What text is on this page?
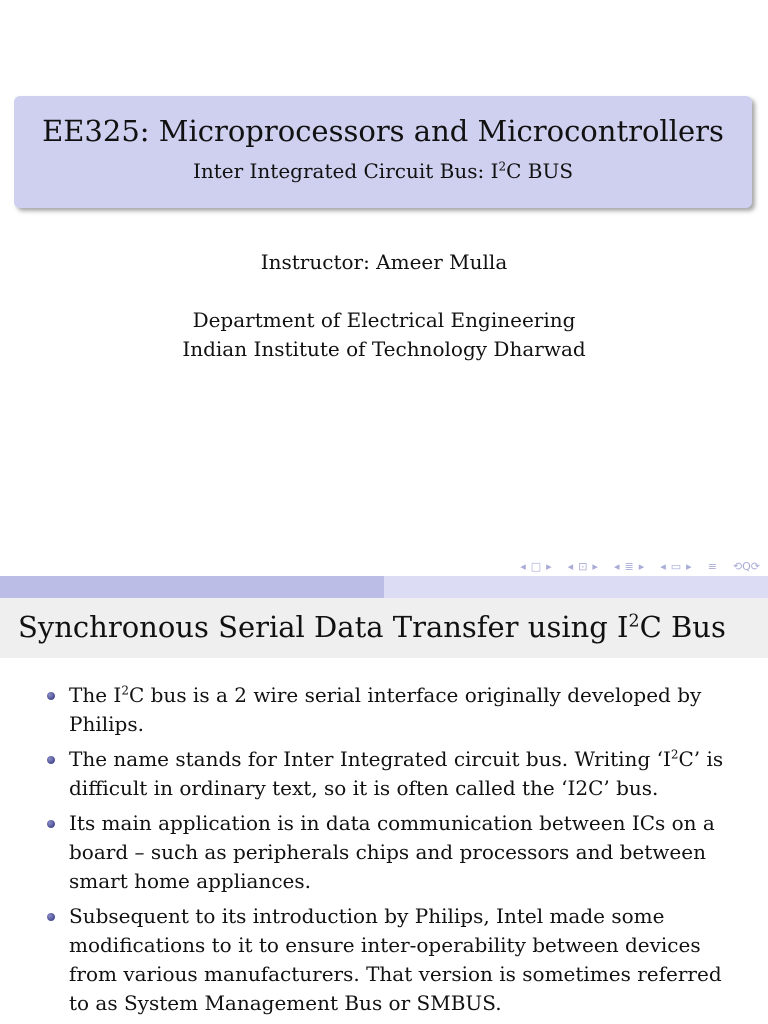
EE325: Microprocessors and Microcontrollers
Inter Integrated Circuit Bus: $I^2C$ BUS
Instructor: Ameer Mulla
Department of Electrical Engineering
Indian Institute of Technology Dharwad
◂ □ ▸ ◂ ⊡ ▸ ◂ ≣ ▸ ◂ ▭ ▸ ≡ ⟲Q⟳
Synchronous Serial Data Transfer using $I^2C$ Bus
The $I^2C$ bus is a 2 wire serial interface originally developed by Philips.
The name stands for Inter Integrated circuit bus. Writing ‘$I^2C$’ is difficult in ordinary text, so it is often called the ‘I2C’ bus.
Its main application is in data communication between ICs on a board – such as peripherals chips and processors and between smart home appliances.
Subsequent to its introduction by Philips, Intel made some modifications to it to ensure inter-operability between devices from various manufacturers. That version is sometimes referred to as System Management Bus or SMBUS.
